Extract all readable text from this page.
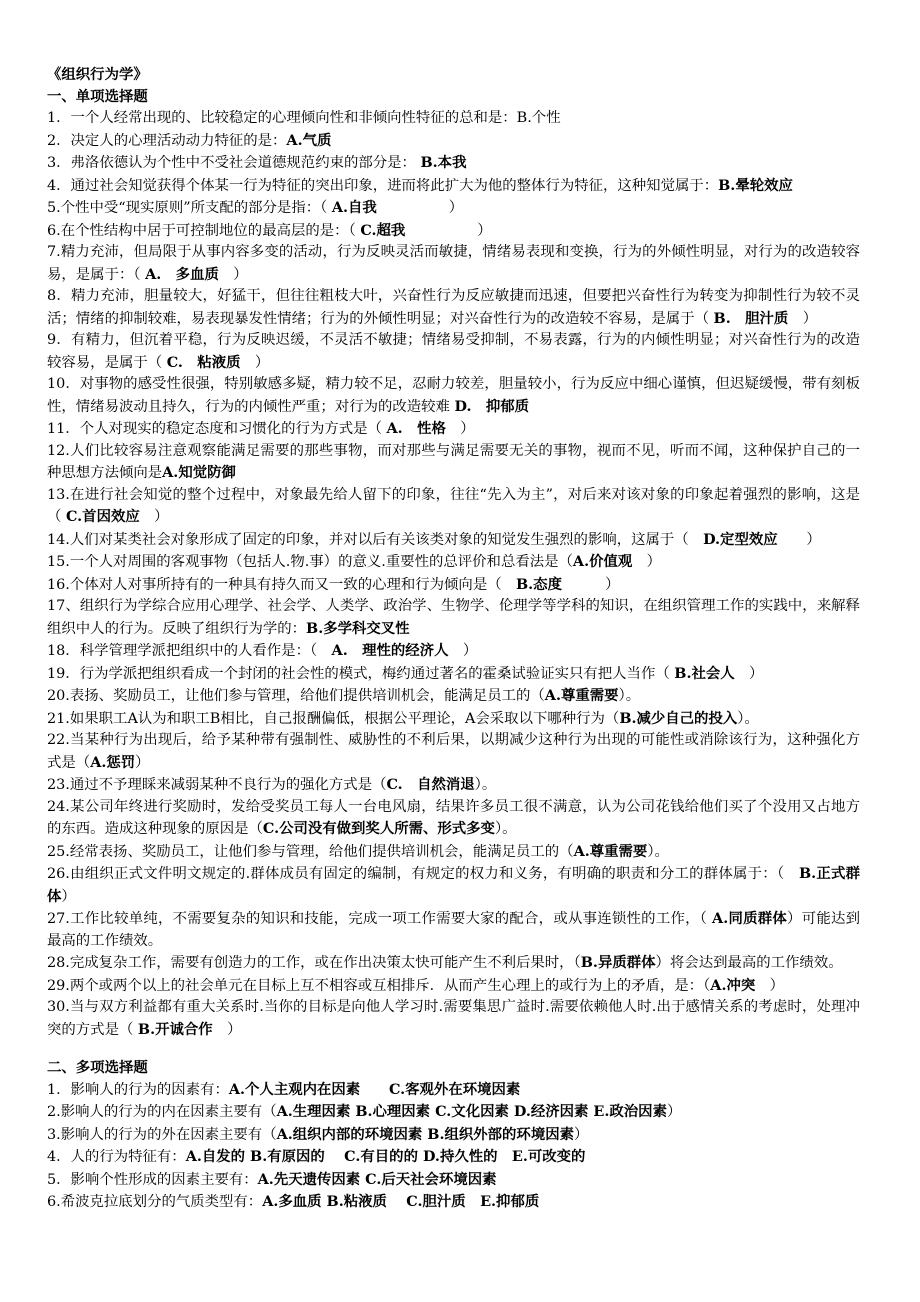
《组织行为学》
一、单项选择题

1．一个人经常出现的、比较稳定的心理倾向性和非倾向性特征的总和是：B.个性

2．决定人的心理活动动力特征的是：A.气质

3．弗洛依德认为个性中不受社会道德规范约束的部分是： B.本我

4．通过社会知觉获得个体某一行为特征的突出印象，进而将此扩大为他的整体行为特征，这种知觉属于：B.晕轮效应

5.个性中受“现实原则”所支配的部分是指：（ A.自我　　　　　）

6.在个性结构中居于可控制地位的最高层的是：（ C.超我　　　　　）

7.精力充沛，但局限于从事内容多变的活动，行为反映灵活而敏捷，情绪易表现和变换，行为的外倾性明显，对行为的改造较容易，是属于：（ A.　多血质　）

8．精力充沛，胆量较大，好猛干，但往往粗枝大叶，兴奋性行为反应敏捷而迅速，但要把兴奋性行为转变为抑制性行为较不灵活；情绪的抑制较难，易表现暴发性情绪；行为的外倾性明显；对兴奋性行为的改造较不容易，是属于（ B.　胆汁质　）

9．有精力，但沉着平稳，行为反映迟缓，不灵活不敏捷；情绪易受抑制，不易表露，行为的内倾性明显；对兴奋性行为的改造较容易，是属于（ C.　粘液质　）

10．对事物的感受性很强，特别敏感多疑，精力较不足，忍耐力较差，胆量较小，行为反应中细心谨慎，但迟疑缓慢，带有刻板性，情绪易波动且持久，行为的内倾性严重；对行为的改造较难 D.　抑郁质

11．个人对现实的稳定态度和习惯化的行为方式是（ A.　性格　）

12.人们比较容易注意观察能满足需要的那些事物，而对那些与满足需要无关的事物，视而不见，听而不闻，这种保护自己的一种思想方法倾向是A.知觉防御

13.在进行社会知觉的整个过程中，对象最先给人留下的印象，往往“先入为主”，对后来对该对象的印象起着强烈的影响，这是（ C.首因效应　）

14.人们对某类社会对象形成了固定的印象，并对以后有关该类对象的知觉发生强烈的影响，这属于（　D.定型效应　　）

15.一个人对周围的客观事物（包括人.物.事）的意义.重要性的总评价和总看法是（A.价值观　）

16.个体对人对事所持有的一种具有持久而又一致的心理和行为倾向是（　B.态度　　　）

17、组织行为学综合应用心理学、社会学、人类学、政治学、生物学、伦理学等学科的知识，在组织管理工作的实践中，来解释组织中人的行为。反映了组织行为学的：B.多学科交叉性

18．科学管理学派把组织中的人看作是：（　A.　理性的经济人　）

19．行为学派把组织看成一个封闭的社会性的模式，梅约通过著名的霍桑试验证实只有把人当作（ B.社会人　）

20.表扬、奖励员工，让他们参与管理，给他们提供培训机会，能满足员工的（A.尊重需要）。

21.如果职工A认为和职工B相比，自己报酬偏低，根据公平理论，A会采取以下哪种行为（B.减少自己的投入）。

22.当某种行为出现后，给予某种带有强制性、威胁性的不利后果，以期减少这种行为出现的可能性或消除该行为，这种强化方式是（A.惩罚）

23.通过不予理睬来减弱某种不良行为的强化方式是（C.　自然消退）。

24.某公司年终进行奖励时，发给受奖员工每人一台电风扇，结果许多员工很不满意，认为公司花钱给他们买了个没用又占地方的东西。造成这种现象的原因是（C.公司没有做到奖人所需、形式多变）。

25.经常表扬、奖励员工，让他们参与管理，给他们提供培训机会，能满足员工的（A.尊重需要）。

26.由组织正式文件明文规定的.群体成员有固定的编制，有规定的权力和义务，有明确的职责和分工的群体属于：（　B.正式群体）

27.工作比较单纯，不需要复杂的知识和技能，完成一项工作需要大家的配合，或从事连锁性的工作，（ A.同质群体）可能达到最高的工作绩效。

28.完成复杂工作，需要有创造力的工作，或在作出决策太快可能产生不利后果时，（B.异质群体）将会达到最高的工作绩效。

29.两个或两个以上的社会单元在目标上互不相容或互相排斥．从而产生心理上的或行为上的矛盾，是：（A.冲突　）

30.当与双方利益都有重大关系时.当你的目标是向他人学习时.需要集思广益时.需要依赖他人时.出于感情关系的考虑时，处理冲突的方式是（ B.开诚合作　）

二、多项选择题

1．影响人的行为的因素有：A.个人主观内在因素　　C.客观外在环境因素

2.影响人的行为的内在因素主要有（A.生理因素 B.心理因素 C.文化因素 D.经济因素 E.政治因素）

3.影响人的行为的外在因素主要有（A.组织内部的环境因素 B.组织外部的环境因素）

4．人的行为特征有：A.自发的 B.有原因的　 C.有目的的 D.持久性的　E.可改变的

5．影响个性形成的因素主要有：A.先天遗传因素 C.后天社会环境因素

6.希波克拉底划分的气质类型有：A.多血质 B.粘液质　 C.胆汁质　E.抑郁质
